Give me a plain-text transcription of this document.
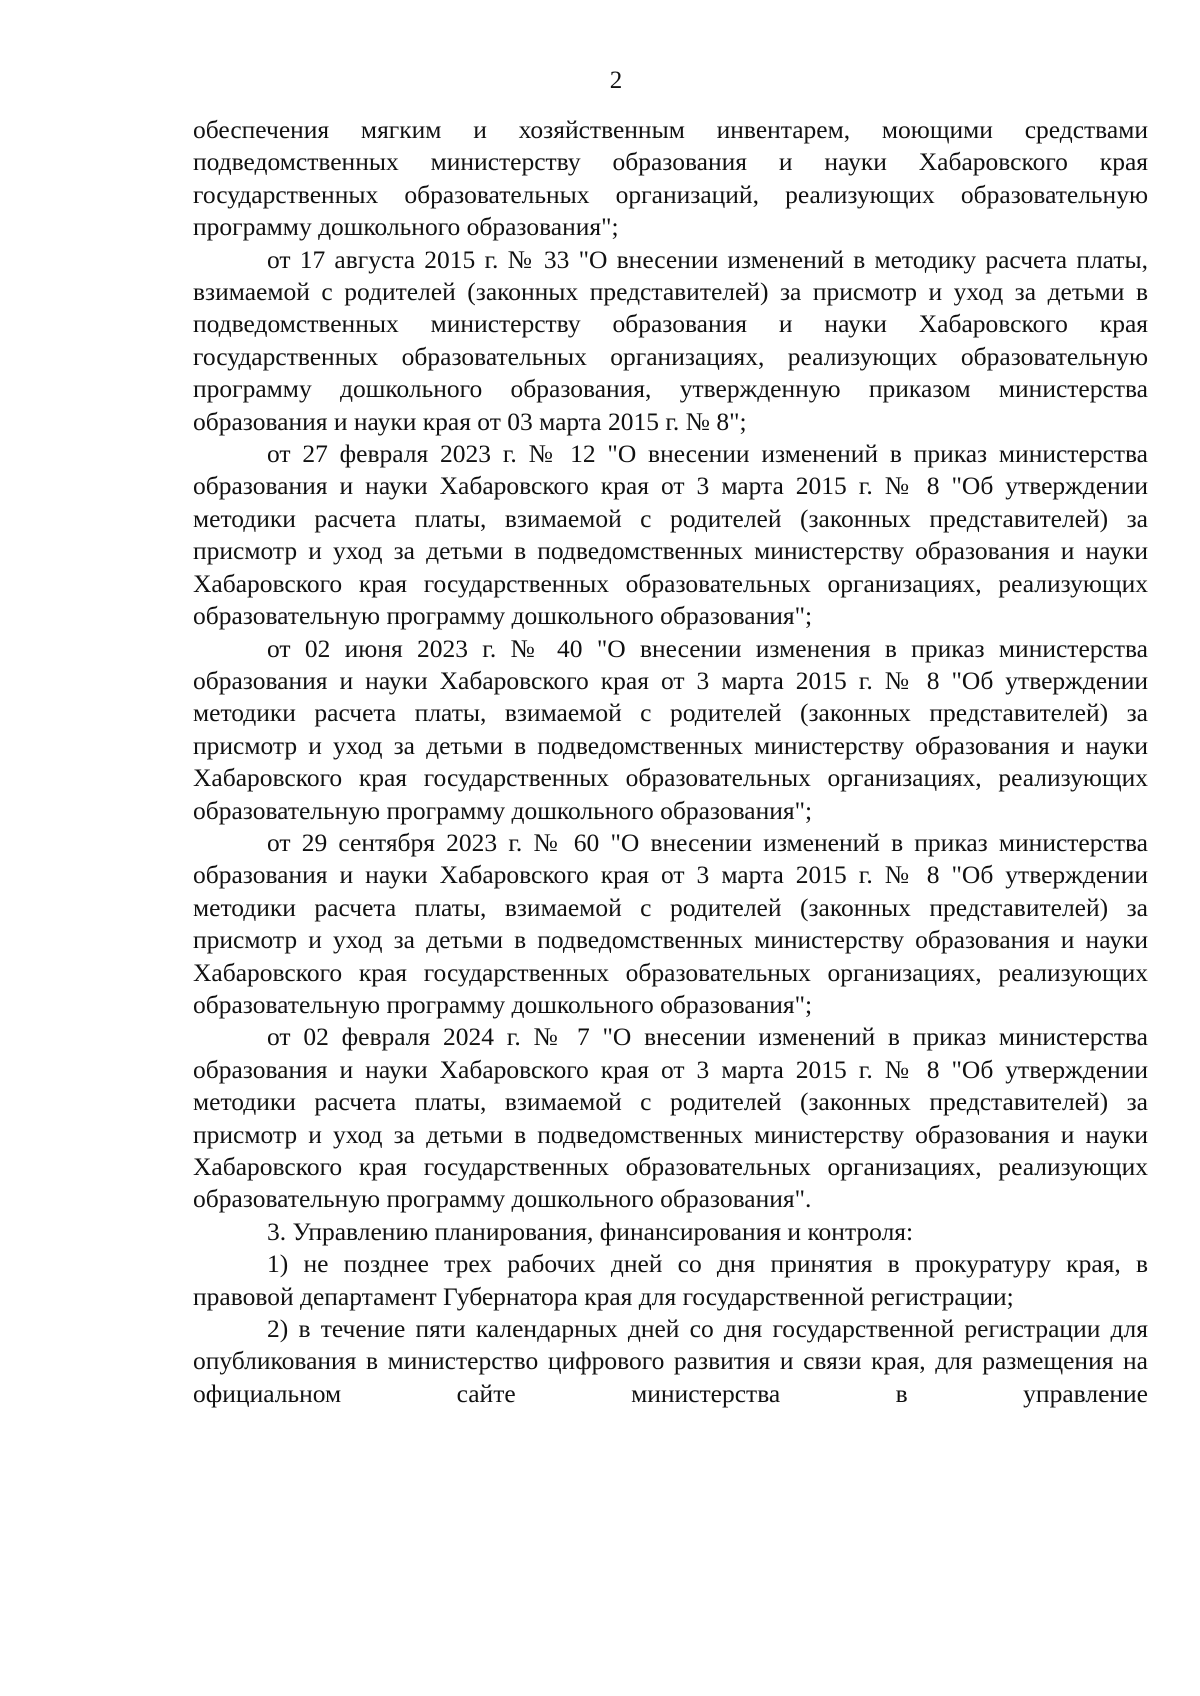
2

обеспечения мягким и хозяйственным инвентарем, моющими средствами подведомственных министерству образования и науки Хабаровского края государственных образовательных организаций, реализующих образовательную программу дошкольного образования";

от 17 августа 2015 г. № 33 "О внесении изменений в методику расчета платы, взимаемой с родителей (законных представителей) за присмотр и уход за детьми в подведомственных министерству образования и науки Хабаровского края государственных образовательных организациях, реализующих образовательную программу дошкольного образования, утвержденную приказом министерства образования и науки края от 03 марта 2015 г. № 8";

от 27 февраля 2023 г. № 12 "О внесении изменений в приказ министерства образования и науки Хабаровского края от 3 марта 2015 г. № 8 "Об утверждении методики расчета платы, взимаемой с родителей (законных представителей) за присмотр и уход за детьми в подведомственных министерству образования и науки Хабаровского края государственных образовательных организациях, реализующих образовательную программу дошкольного образования";

от 02 июня 2023 г. № 40 "О внесении изменения в приказ министерства образования и науки Хабаровского края от 3 марта 2015 г. № 8 "Об утверждении методики расчета платы, взимаемой с родителей (законных представителей) за присмотр и уход за детьми в подведомственных министерству образования и науки Хабаровского края государственных образовательных организациях, реализующих образовательную программу дошкольного образования";

от 29 сентября 2023 г. № 60 "О внесении изменений в приказ министерства образования и науки Хабаровского края от 3 марта 2015 г. № 8 "Об утверждении методики расчета платы, взимаемой с родителей (законных представителей) за присмотр и уход за детьми в подведомственных министерству образования и науки Хабаровского края государственных образовательных организациях, реализующих образовательную программу дошкольного образования";

от 02 февраля 2024 г. № 7 "О внесении изменений в приказ министерства образования и науки Хабаровского края от 3 марта 2015 г. № 8 "Об утверждении методики расчета платы, взимаемой с родителей (законных представителей) за присмотр и уход за детьми в подведомственных министерству образования и науки Хабаровского края государственных образовательных организациях, реализующих образовательную программу дошкольного образования".

3. Управлению планирования, финансирования и контроля:

1) не позднее трех рабочих дней со дня принятия в прокуратуру края, в правовой департамент Губернатора края для государственной регистрации;

2) в течение пяти календарных дней со дня государственной регистрации для опубликования в министерство цифрового развития и связи края, для размещения на официальном сайте министерства в управление
